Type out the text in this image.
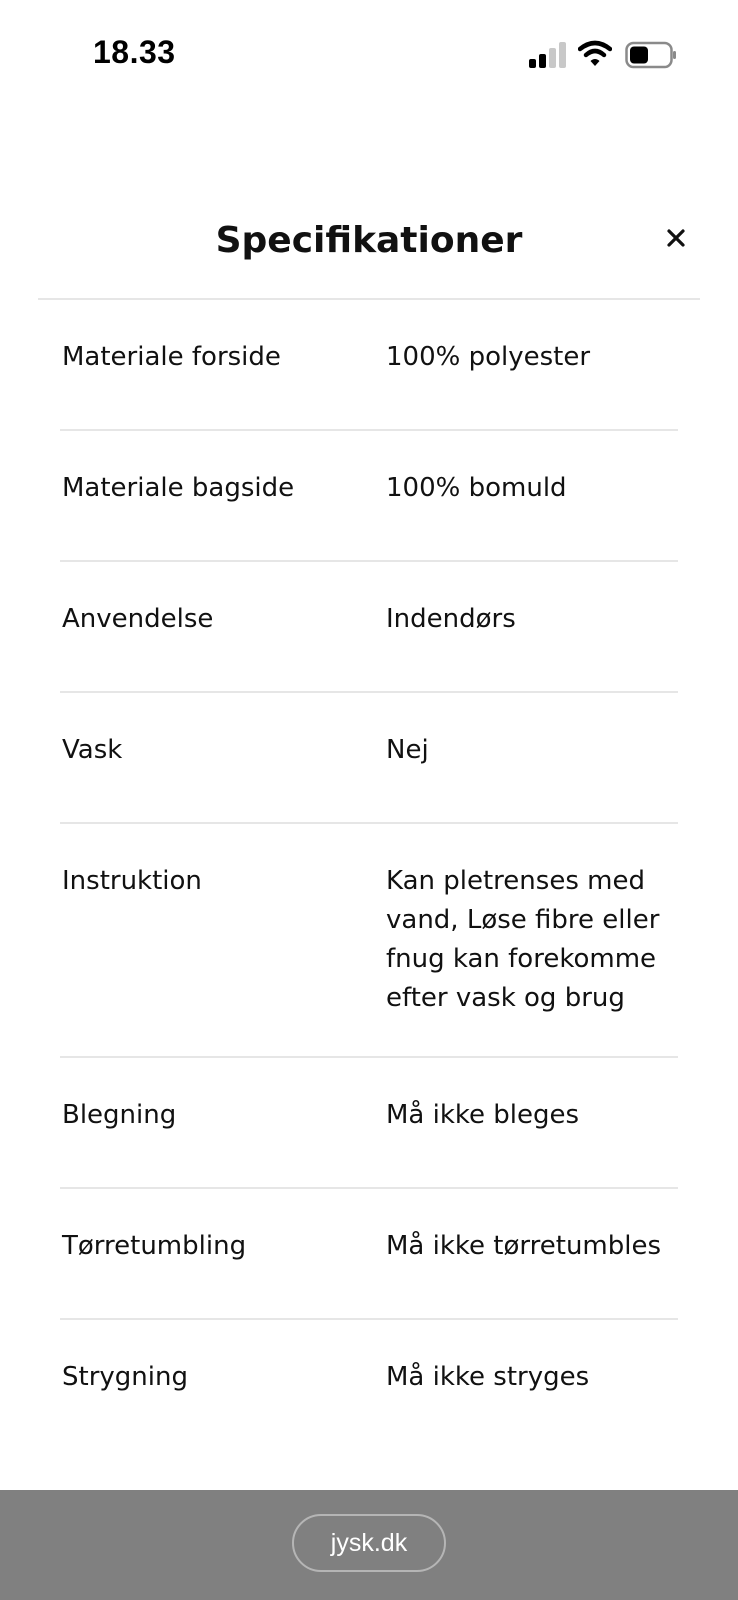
18.33
Specifikationer
Materiale forside	100% polyester
Materiale bagside	100% bomuld
Anvendelse	Indendørs
Vask	Nej
Instruktion	Kan pletrenses med vand, Løse fibre eller fnug kan forekomme efter vask og brug
Blegning	Må ikke bleges
Tørretumbling	Må ikke tørretumbles
Strygning	Må ikke stryges
jysk.dk
